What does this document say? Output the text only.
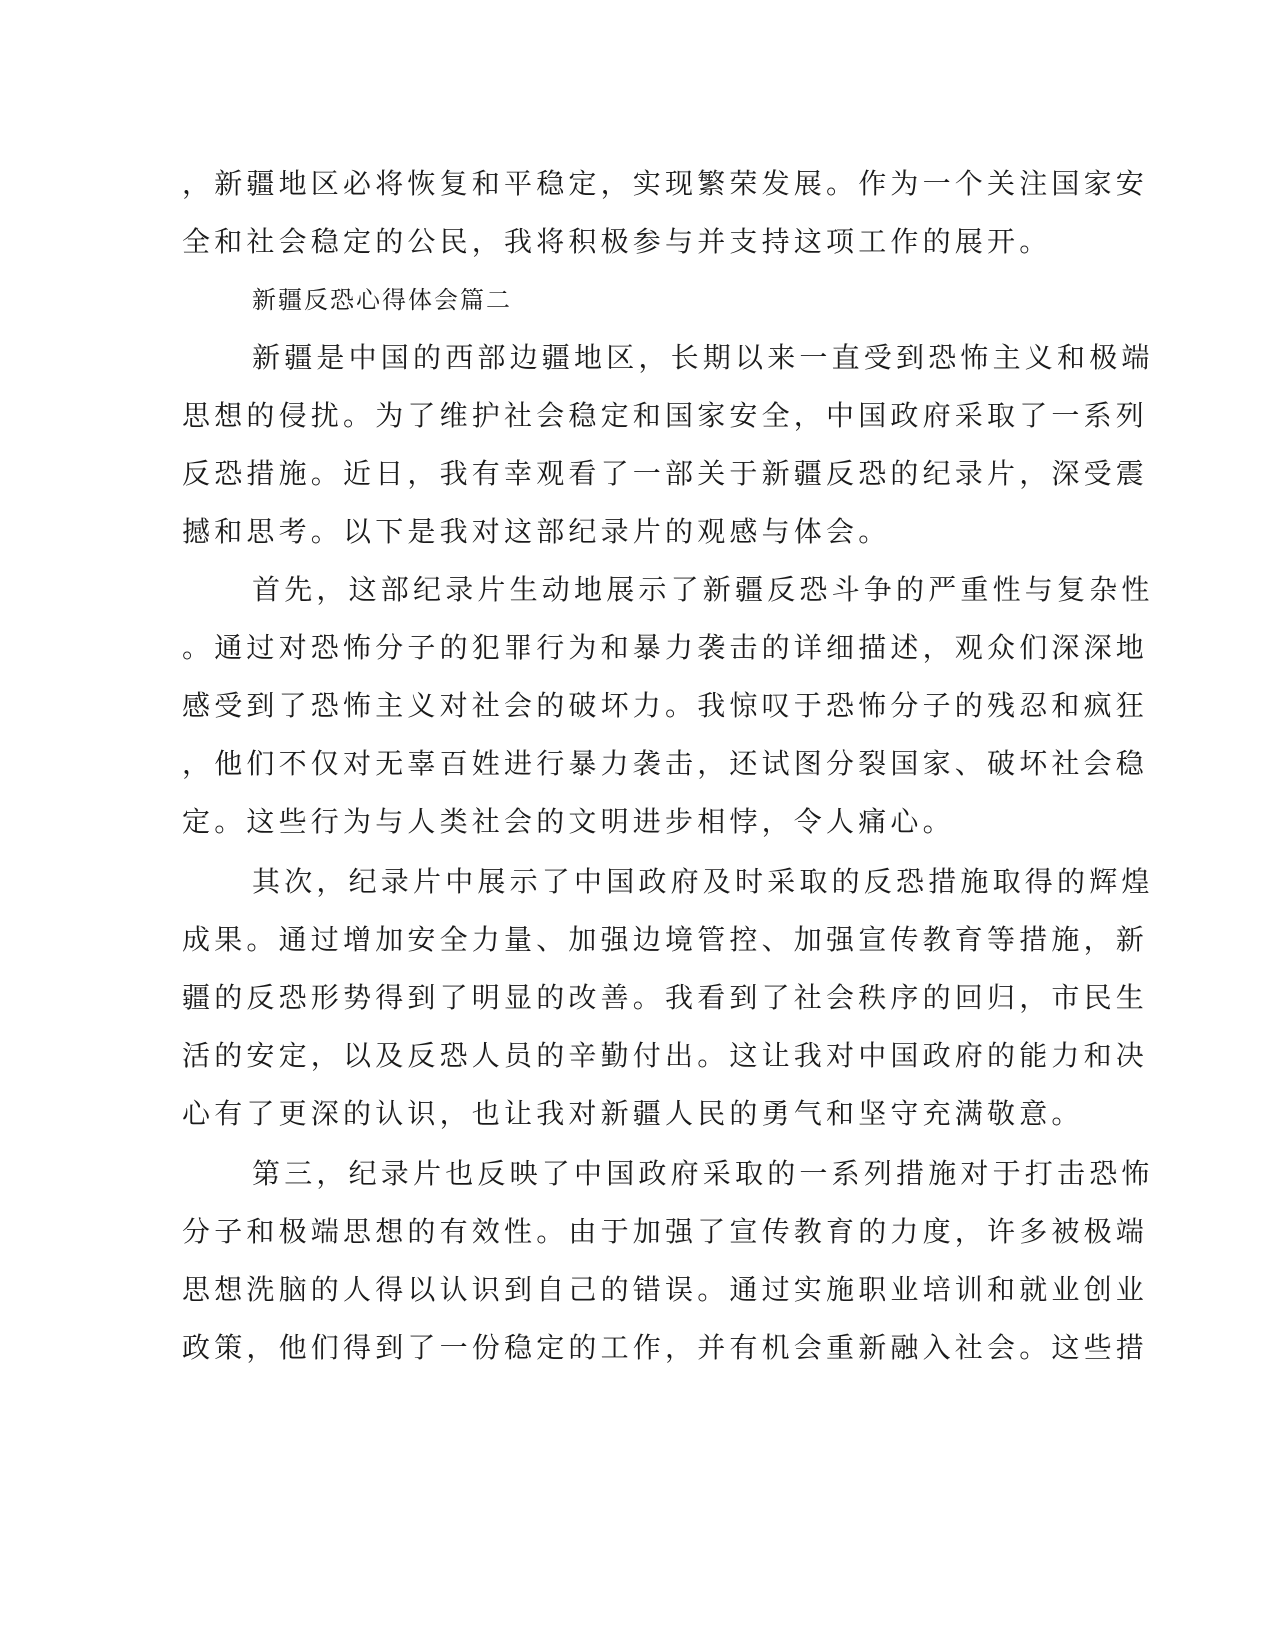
，新疆地区必将恢复和平稳定，实现繁荣发展。作为一个关注国家安
全和社会稳定的公民，我将积极参与并支持这项工作的展开。
新疆反恐心得体会篇二
新疆是中国的西部边疆地区，长期以来一直受到恐怖主义和极端
思想的侵扰。为了维护社会稳定和国家安全，中国政府采取了一系列
反恐措施。近日，我有幸观看了一部关于新疆反恐的纪录片，深受震
撼和思考。以下是我对这部纪录片的观感与体会。
首先，这部纪录片生动地展示了新疆反恐斗争的严重性与复杂性
。通过对恐怖分子的犯罪行为和暴力袭击的详细描述，观众们深深地
感受到了恐怖主义对社会的破坏力。我惊叹于恐怖分子的残忍和疯狂
，他们不仅对无辜百姓进行暴力袭击，还试图分裂国家、破坏社会稳
定。这些行为与人类社会的文明进步相悖，令人痛心。
其次，纪录片中展示了中国政府及时采取的反恐措施取得的辉煌
成果。通过增加安全力量、加强边境管控、加强宣传教育等措施，新
疆的反恐形势得到了明显的改善。我看到了社会秩序的回归，市民生
活的安定，以及反恐人员的辛勤付出。这让我对中国政府的能力和决
心有了更深的认识，也让我对新疆人民的勇气和坚守充满敬意。
第三，纪录片也反映了中国政府采取的一系列措施对于打击恐怖
分子和极端思想的有效性。由于加强了宣传教育的力度，许多被极端
思想洗脑的人得以认识到自己的错误。通过实施职业培训和就业创业
政策，他们得到了一份稳定的工作，并有机会重新融入社会。这些措
